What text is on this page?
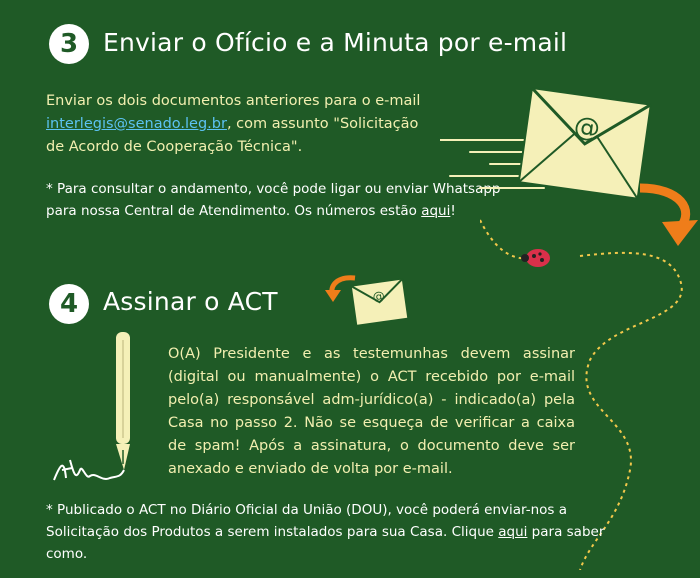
3 Enviar o Ofício e a Minuta por e-mail
Enviar os dois documentos anteriores para o e-mail
interlegis@senado.leg.br, com assunto "Solicitação
de Acordo de Cooperação Técnica".
* Para consultar o andamento, você pode ligar ou enviar Whatsapp para nossa Central de Atendimento. Os números estão aqui!
@
4 Assinar o ACT	@
O(A) Presidente e as testemunhas devem assinar (digital ou manualmente) o ACT recebido por e-mail pelo(a) responsável adm-jurídico(a) - indicado(a) pela Casa no passo 2. Não se esqueça de verificar a caixa de spam! Após a assinatura, o documento deve ser anexado e enviado de volta por e-mail.
* Publicado o ACT no Diário Oficial da União (DOU), você poderá enviar-nos a Solicitação dos Produtos a serem instalados para sua Casa. Clique aqui para saber como.
